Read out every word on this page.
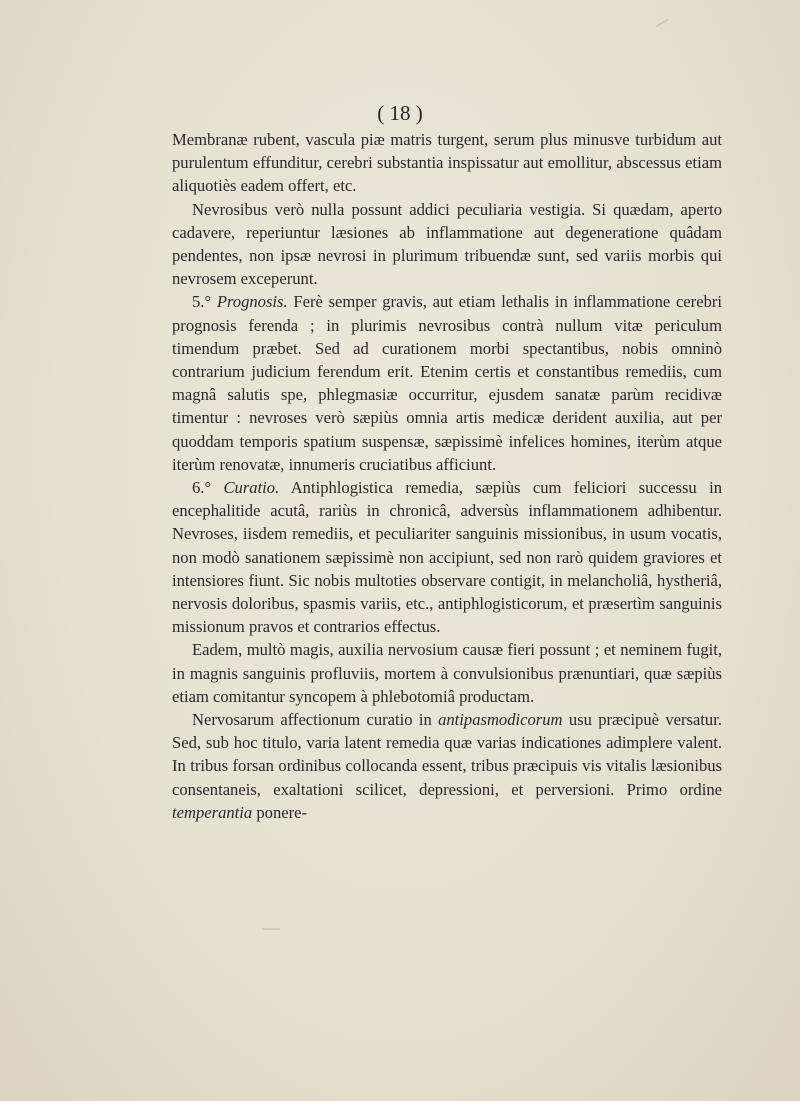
( 18 )

Membranæ rubent, vascula piæ matris turgent, serum plus minusve turbidum aut purulentum effunditur, cerebri substantia inspissatur aut emollitur, abscessus etiam aliquotiès eadem offert, etc.

Nevrosibus verò nulla possunt addici peculiaria vestigia. Si quædam, aperto cadavere, reperiuntur læsiones ab inflammatione aut degeneratione quâdam pendentes, non ipsæ nevrosi in plurimum tribuendæ sunt, sed variis morbis qui nevrosem exceperunt.

5.° Prognosis. Ferè semper gravis, aut etiam lethalis in inflammatione cerebri prognosis ferenda ; in plurimis nevrosibus contrà nullum vitæ periculum timendum præbet. Sed ad curationem morbi spectantibus, nobis omninò contrarium judicium ferendum erit. Etenim certis et constantibus remediis, cum magnâ salutis spe, phlegmasiæ occurritur, ejusdem sanatæ parùm recidivæ timentur : nevroses verò sæpiùs omnia artis medicæ derident auxilia, aut per quoddam temporis spatium suspensæ, sæpissimè infelices homines, iterùm atque iterùm renovatæ, innumeris cruciatibus afficiunt.

6.° Curatio. Antiphlogistica remedia, sæpiùs cum feliciori successu in encephalitide acutâ, rariùs in chronicâ, adversùs inflammationem adhibentur. Nevroses, iisdem remediis, et peculiariter sanguinis missionibus, in usum vocatis, non modò sanationem sæpissimè non accipiunt, sed non rarò quidem graviores et intensiores fiunt. Sic nobis multoties observare contigit, in melancholiâ, hystheriâ, nervosis doloribus, spasmis variis, etc., antiphlogisticorum, et præsertìm sanguinis missionum pravos et contrarios effectus.

Eadem, multò magis, auxilia nervosium causæ fieri possunt ; et neminem fugit, in magnis sanguinis profluviis, mortem à convulsionibus prænuntiari, quæ sæpiùs etiam comitantur syncopem à phlebotomiâ productam.

Nervosarum affectionum curatio in antipasmodicorum usu præcipuè versatur. Sed, sub hoc titulo, varia latent remedia quæ varias indicationes adimplere valent. In tribus forsan ordinibus collocanda essent, tribus præcipuis vis vitalis læsionibus consentaneis, exaltationi scilicet, depressioni, et perversioni. Primo ordine temperantia ponere-
